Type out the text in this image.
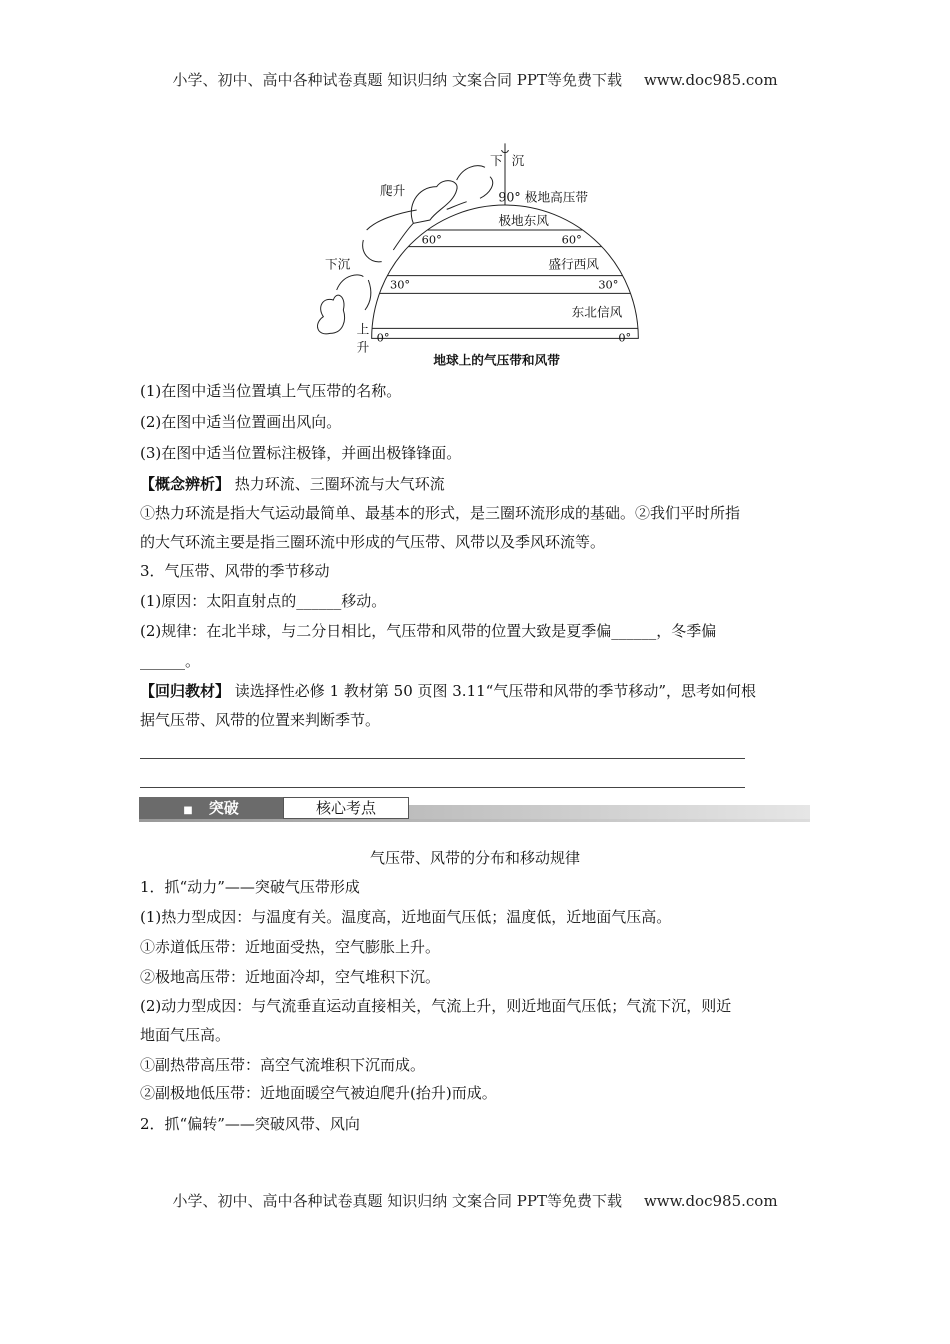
小学、初中、高中各种试卷真题 知识归纳 文案合同 PPT等免费下载 www.doc985.com
下 沉
爬升
下沉
上
升
90° 极地高压带
极地东风
盛行西风
东北信风
60°	60°
30°	30°
0°	0°
地球上的气压带和风带
(1)在图中适当位置填上气压带的名称。
(2)在图中适当位置画出风向。
(3)在图中适当位置标注极锋，并画出极锋锋面。
【概念辨析】 热力环流、三圈环流与大气环流
①热力环流是指大气运动最简单、最基本的形式，是三圈环流形成的基础。②我们平时所指
的大气环流主要是指三圈环流中形成的气压带、风带以及季风环流等。
3．气压带、风带的季节移动
(1)原因：太阳直射点的______移动。
(2)规律：在北半球，与二分日相比，气压带和风带的位置大致是夏季偏______，冬季偏
______。
【回归教材】 读选择性必修 1 教材第 50 页图 3.11“气压带和风带的季节移动”，思考如何根
据气压带、风带的位置来判断季节。
■ 突破	核心考点
气压带、风带的分布和移动规律
1．抓“动力”——突破气压带形成
(1)热力型成因：与温度有关。温度高，近地面气压低；温度低，近地面气压高。
①赤道低压带：近地面受热，空气膨胀上升。
②极地高压带：近地面冷却，空气堆积下沉。
(2)动力型成因：与气流垂直运动直接相关，气流上升，则近地面气压低；气流下沉，则近
地面气压高。
①副热带高压带：高空气流堆积下沉而成。
②副极地低压带：近地面暖空气被迫爬升(抬升)而成。
2．抓“偏转”——突破风带、风向
小学、初中、高中各种试卷真题 知识归纳 文案合同 PPT等免费下载 www.doc985.com
